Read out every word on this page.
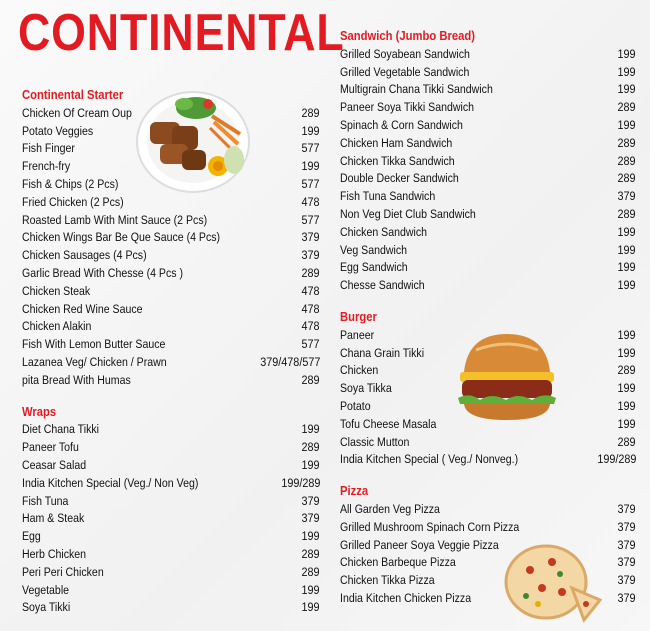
CONTINENTAL
Continental Starter
Chicken Of Cream Oup	289
Potato Veggies	199
Fish Finger	577
French-fry	199
Fish & Chips (2 Pcs)	577
Fried Chicken (2 Pcs)	478
Roasted Lamb With Mint Sauce (2 Pcs)	577
Chicken Wings Bar Be Que Sauce (4 Pcs)	379
Chicken Sausages (4 Pcs)	379
Garlic Bread With Chesse (4 Pcs )	289
Chicken Steak	478
Chicken Red Wine Sauce	478
Chicken Alakin	478
Fish With Lemon Butter Sauce	577
Lazanea Veg/ Chicken / Prawn	379/478/577
pita Bread With Humas	289
Wraps
Diet Chana Tikki	199
Paneer Tofu	289
Ceasar Salad	199
India Kitchen Special (Veg./ Non Veg)	199/289
Fish Tuna	379
Ham & Steak	379
Egg	199
Herb Chicken	289
Peri Peri Chicken	289
Vegetable	199
Soya Tikki	199
Sandwich (Jumbo Bread)
Grilled Soyabean Sandwich	199
Grilled Vegetable Sandwich	199
Multigrain Chana Tikki Sandwich	199
Paneer Soya Tikki Sandwich	289
Spinach & Corn Sandwich	199
Chicken Ham Sandwich	289
Chicken Tikka Sandwich	289
Double Decker Sandwich	289
Fish Tuna Sandwich	379
Non Veg Diet Club Sandwich	289
Chicken Sandwich	199
Veg Sandwich	199
Egg Sandwich	199
Chesse Sandwich	199
Burger
Paneer	199
Chana Grain Tikki	199
Chicken	289
Soya Tikka	199
Potato	199
Tofu Cheese Masala	199
Classic Mutton	289
India Kitchen Special ( Veg./ Nonveg.)	199/289
Pizza
All Garden Veg Pizza	379
Grilled Mushroom Spinach Corn Pizza	379
Grilled Paneer Soya Veggie Pizza	379
Chicken Barbeque Pizza	379
Chicken Tikka Pizza	379
India Kitchen Chicken Pizza	379
